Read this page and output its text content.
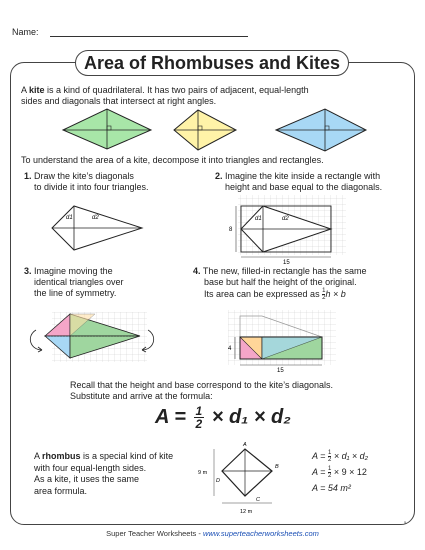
Name:
Area of Rhombuses and Kites
A kite is a kind of quadrilateral. It has two pairs of adjacent, equal-length
sides and diagonals that intersect at right angles.
To understand the area of a kite, decompose it into triangles and rectangles.
1. Draw the kite’s diagonals
to divide it into four triangles.
2. Imagine the kite inside a rectangle with
height and base equal to the diagonals.
d1	d2	d1	d2
8
15
3. Imagine moving the
identical triangles over
the line of symmetry.
4. The new, filled-in rectangle has the same
base but half the height of the original.
Its area can be expressed as $\frac{1}{2}$ h × b
4
15
Recall that the height and base correspond to the kite’s diagonals.
Substitute and arrive at the formula:
$A = \frac{1}{2} \times d_1 \times d_2$
A rhombus is a special kind of kite
with four equal-length sides.
As a kite, it uses the same
area formula.
A
B
C
D
9 m
12 m
$A = \frac{1}{2} \times d_1 \times d_2$
$A = \frac{1}{2} \times 9 \times 12$
A = 54 m²
Super Teacher Worksheets - www.superteacherworksheets.com
5
